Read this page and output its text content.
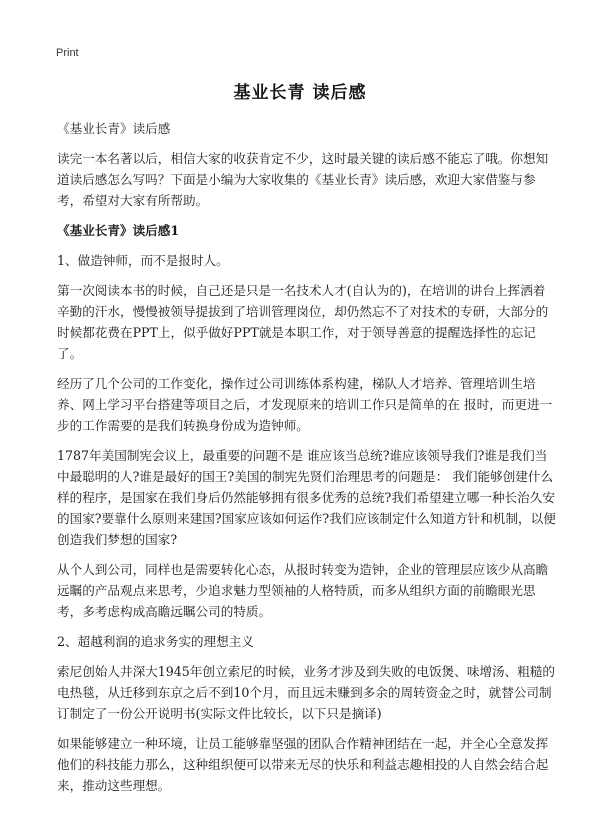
Print
基业长青 读后感

《基业长青》读后感

读完一本名著以后，相信大家的收获肯定不少，这时最关键的读后感不能忘了哦。你想知道读后感怎么写吗？下面是小编为大家收集的《基业长青》读后感，欢迎大家借鉴与参考，希望对大家有所帮助。

《基业长青》读后感1

1、做造钟师，而不是报时人。

第一次阅读本书的时候，自己还是只是一名技术人才(自认为的)，在培训的讲台上挥洒着辛勤的汗水，慢慢被领导提拔到了培训管理岗位，却仍然忘不了对技术的专研，大部分的时候都花费在PPT上，似乎做好PPT就是本职工作，对于领导善意的提醒选择性的忘记了。

经历了几个公司的工作变化，操作过公司训练体系构建，梯队人才培养、管理培训生培养、网上学习平台搭建等项目之后，才发现原来的培训工作只是简单的在 报时，而更进一步的工作需要的是我们转换身份成为造钟师。

1787年美国制宪会议上，最重要的问题不是 谁应该当总统?谁应该领导我们?谁是我们当中最聪明的人?谁是最好的国王?美国的制宪先贤们治理思考的问题是： 我们能够创建什么样的程序，是国家在我们身后仍然能够拥有很多优秀的总统?我们希望建立哪一种长治久安的国家?要靠什么原则来建国?国家应该如何运作?我们应该制定什么知道方针和机制，以便创造我们梦想的国家?

从个人到公司，同样也是需要转化心态，从报时转变为造钟，企业的管理层应该少从高瞻远瞩的产品观点来思考，少追求魅力型领袖的人格特质，而多从组织方面的前瞻眼光思考，多考虑构成高瞻远瞩公司的特质。

2、超越利润的追求务实的理想主义

索尼创始人井深大1945年创立索尼的时候，业务才涉及到失败的电饭煲、味增汤、粗糙的电热毯，从迁移到东京之后不到10个月，而且远未赚到多余的周转资金之时，就替公司制订制定了一份公开说明书(实际文件比较长，以下只是摘译)

如果能够建立一种环境，让员工能够靠坚强的团队合作精神团结在一起，并全心全意发挥他们的科技能力那么，这种组织便可以带来无尽的快乐和利益志趣相投的人自然会结合起来，推动这些理想。
